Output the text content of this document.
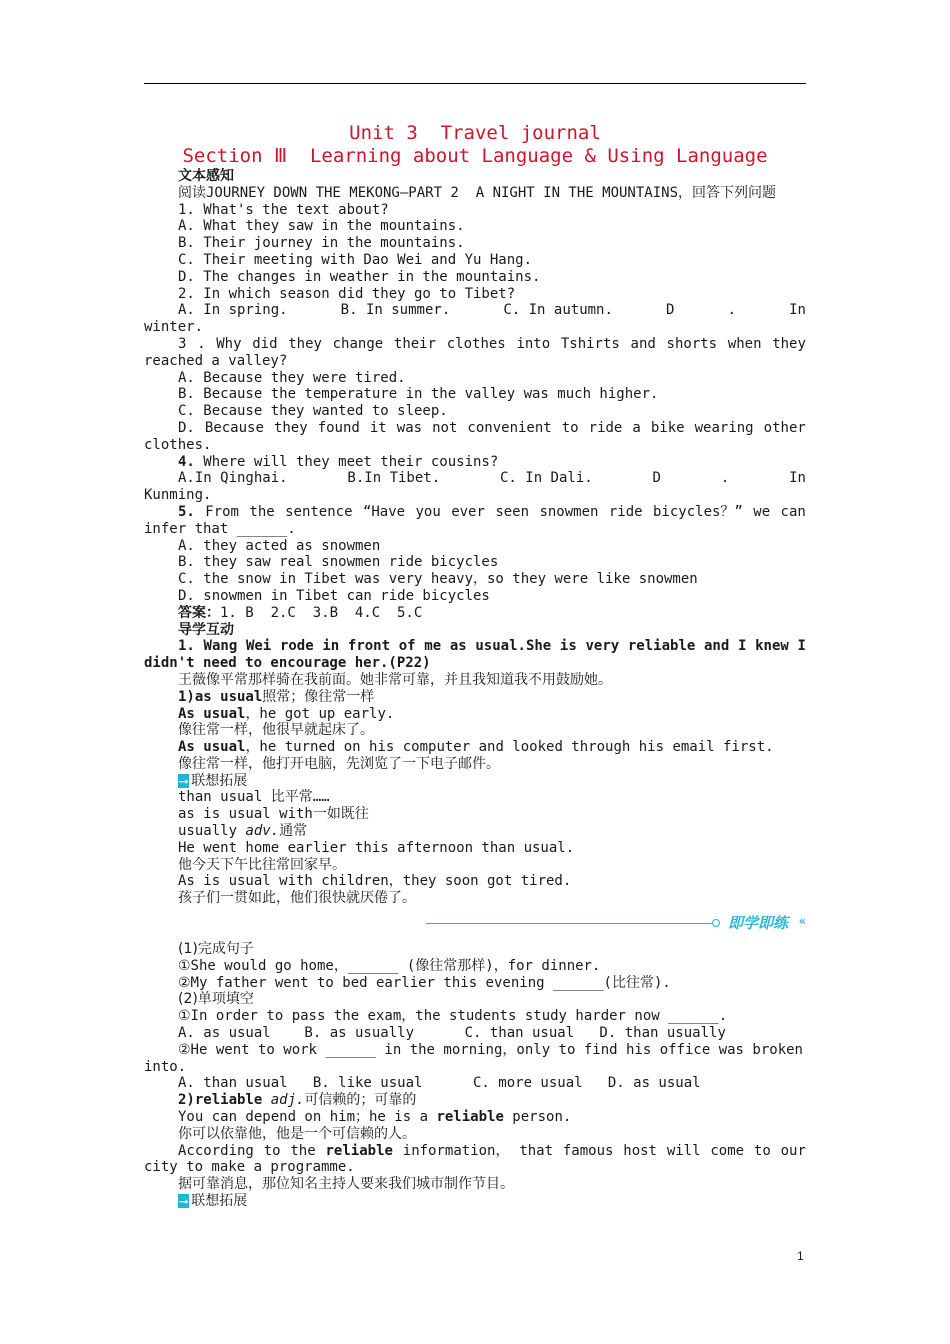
Unit 3  Travel journal
Section Ⅲ  Learning about Language & Using Language
文本感知
阅读JOURNEY DOWN THE MEKONG—PART 2  A NIGHT IN THE MOUNTAINS，回答下列问题
1. What's the text about?
A. What they saw in the mountains.
B. Their journey in the mountains.
C. Their meeting with Dao Wei and Yu Hang.
D. The changes in weather in the mountains.
2. In which season did they go to Tibet?
A. In spring.	B. In summer.	C. In autumn.	D	.	In
winter.
3 . Why did they change their clothes into Tshirts and shorts when they
reached a valley?
A. Because they were tired.
B. Because the temperature in the valley was much higher.
C. Because they wanted to sleep.
D. Because they found it was not convenient to ride a bike wearing other
clothes.
4. Where will they meet their cousins?
A.In Qinghai.	B.In Tibet.	C. In Dali.	D	.	In
Kunming.
5. From the sentence “Have you ever seen snowmen ride bicycles？” we can
infer that ______.
A. they acted as snowmen
B. they saw real snowmen ride bicycles
C. the snow in Tibet was very heavy，so they were like snowmen
D. snowmen in Tibet can ride bicycles
答案：1. B  2.C  3.B  4.C  5.C
导学互动
1. Wang Wei rode in front of me as usual.She is very reliable and I knew I
didn't need to encourage her.(P22)
王薇像平常那样骑在我前面。她非常可靠，并且我知道我不用鼓励她。
1)as usual照常；像往常一样
As usual，he got up early.
像往常一样，他很早就起床了。
As usual，he turned on his computer and looked through his email first.
像往常一样，他打开电脑，先浏览了一下电子邮件。
⟶ 联想拓展
than usual 比平常……
as is usual with一如既往
usually adv.通常
He went home earlier this afternoon than usual.
他今天下午比往常回家早。
As is usual with children，they soon got tired.
孩子们一贯如此，他们很快就厌倦了。
即学即练 «
(1)完成句子
①She would go home，______ (像往常那样)，for dinner.
②My father went to bed earlier this evening ______(比往常).
(2)单项填空
①In order to pass the exam，the students study harder now ______.
A. as usual    B. as usually      C. than usual   D. than usually
②He went to work ______ in the morning，only to find his office was broken
into.
A. than usual   B. like usual      C. more usual   D. as usual
2)reliable adj.可信赖的；可靠的
You can depend on him；he is a reliable person.
你可以依靠他，他是一个可信赖的人。
According to the reliable information， that famous host will come to our
city to make a programme.
据可靠消息，那位知名主持人要来我们城市制作节目。
⟶ 联想拓展
1
